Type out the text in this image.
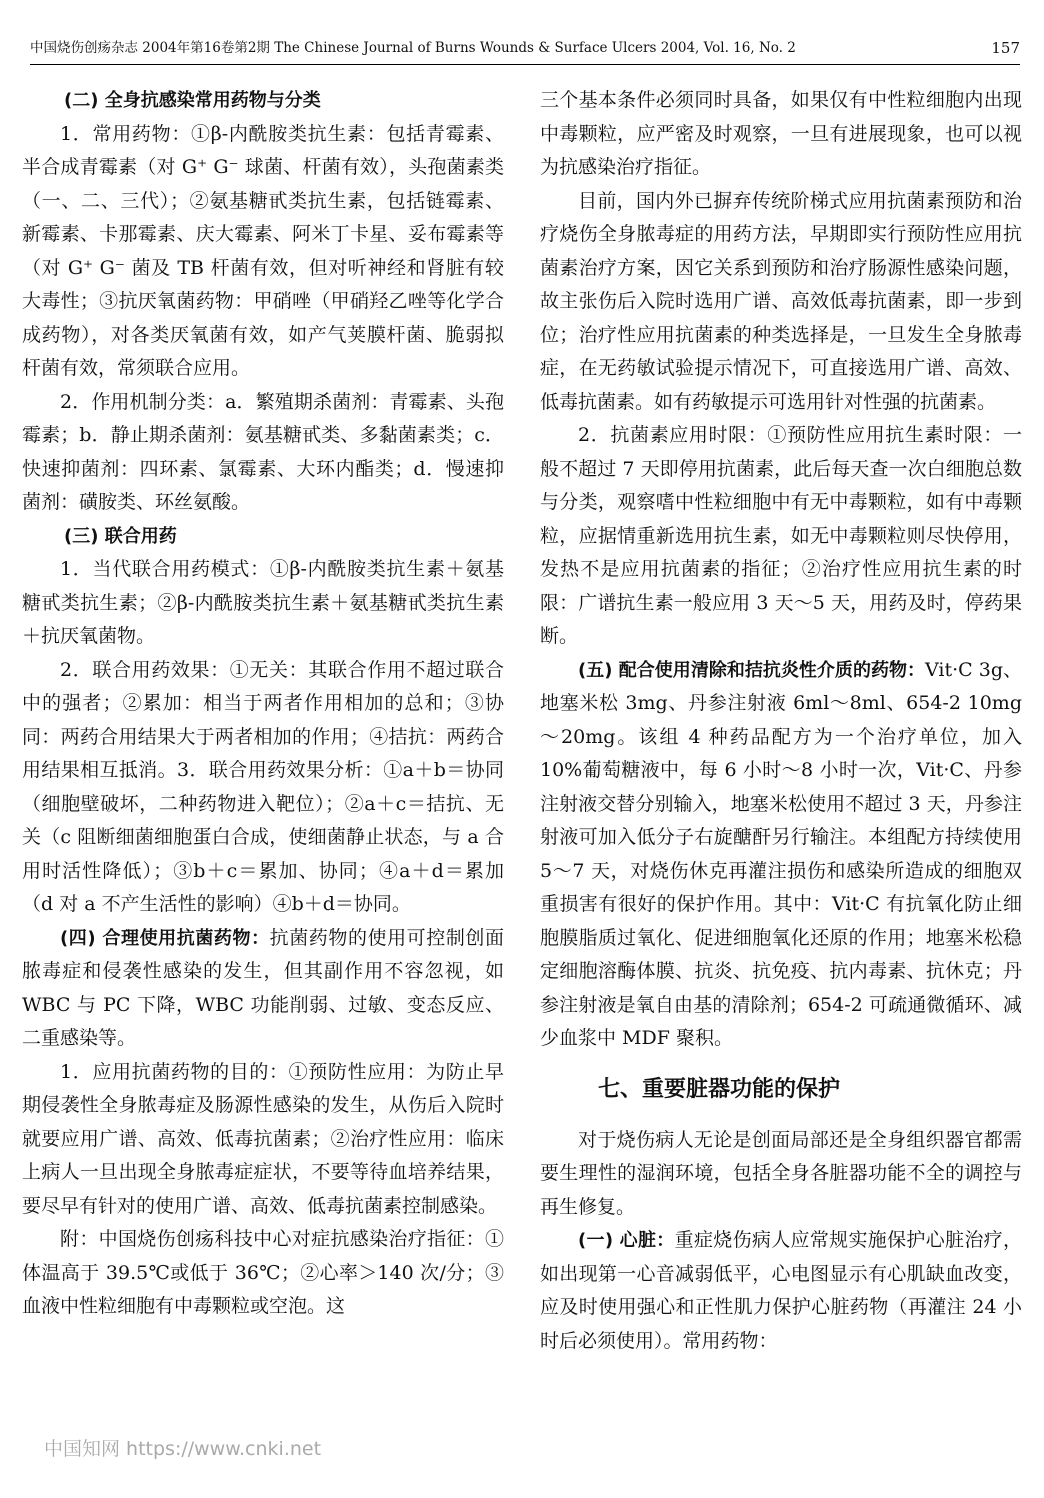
中国烧伤创疡杂志 2004年第16卷第2期 The Chinese Journal of Burns Wounds & Surface Ulcers 2004, Vol. 16, No. 2	157

(二) 全身抗感染常用药物与分类

1．常用药物：①β-内酰胺类抗生素：包括青霉素、半合成青霉素（对 G⁺ G⁻ 球菌、杆菌有效），头孢菌素类（一、二、三代）；②氨基糖甙类抗生素，包括链霉素、新霉素、卡那霉素、庆大霉素、阿米丁卡星、妥布霉素等（对 G⁺ G⁻ 菌及 TB 杆菌有效，但对听神经和肾脏有较大毒性；③抗厌氧菌药物：甲硝唑（甲硝羟乙唑等化学合成药物），对各类厌氧菌有效，如产气荚膜杆菌、脆弱拟杆菌有效，常须联合应用。

2．作用机制分类：a．繁殖期杀菌剂：青霉素、头孢霉素；b．静止期杀菌剂：氨基糖甙类、多黏菌素类；c．快速抑菌剂：四环素、氯霉素、大环内酯类；d．慢速抑菌剂：磺胺类、环丝氨酸。

(三) 联合用药

1．当代联合用药模式：①β-内酰胺类抗生素＋氨基糖甙类抗生素；②β-内酰胺类抗生素＋氨基糖甙类抗生素＋抗厌氧菌物。

2．联合用药效果：①无关：其联合作用不超过联合中的强者；②累加：相当于两者作用相加的总和；③协同：两药合用结果大于两者相加的作用；④拮抗：两药合用结果相互抵消。3．联合用药效果分析：①a＋b＝协同（细胞壁破坏，二种药物进入靶位）；②a＋c＝拮抗、无关（c 阻断细菌细胞蛋白合成，使细菌静止状态，与 a 合用时活性降低）；③b＋c＝累加、协同；④a＋d＝累加（d 对 a 不产生活性的影响）④b＋d＝协同。

(四) 合理使用抗菌药物：抗菌药物的使用可控制创面脓毒症和侵袭性感染的发生，但其副作用不容忽视，如 WBC 与 PC 下降，WBC 功能削弱、过敏、变态反应、二重感染等。

1．应用抗菌药物的目的：①预防性应用：为防止早期侵袭性全身脓毒症及肠源性感染的发生，从伤后入院时就要应用广谱、高效、低毒抗菌素；②治疗性应用：临床上病人一旦出现全身脓毒症症状，不要等待血培养结果，要尽早有针对的使用广谱、高效、低毒抗菌素控制感染。

附：中国烧伤创疡科技中心对症抗感染治疗指征：①体温高于 39.5℃或低于 36℃；②心率＞140 次/分；③血液中性粒细胞有中毒颗粒或空泡。这

三个基本条件必须同时具备，如果仅有中性粒细胞内出现中毒颗粒，应严密及时观察，一旦有进展现象，也可以视为抗感染治疗指征。

目前，国内外已摒弃传统阶梯式应用抗菌素预防和治疗烧伤全身脓毒症的用药方法，早期即实行预防性应用抗菌素治疗方案，因它关系到预防和治疗肠源性感染问题，故主张伤后入院时选用广谱、高效低毒抗菌素，即一步到位；治疗性应用抗菌素的种类选择是，一旦发生全身脓毒症，在无药敏试验提示情况下，可直接选用广谱、高效、低毒抗菌素。如有药敏提示可选用针对性强的抗菌素。

2．抗菌素应用时限：①预防性应用抗生素时限：一般不超过 7 天即停用抗菌素，此后每天查一次白细胞总数与分类，观察嗜中性粒细胞中有无中毒颗粒，如有中毒颗粒，应据情重新选用抗生素，如无中毒颗粒则尽快停用，发热不是应用抗菌素的指征；②治疗性应用抗生素的时限：广谱抗生素一般应用 3 天～5 天，用药及时，停药果断。

(五) 配合使用清除和拮抗炎性介质的药物：Vit·C 3g、地塞米松 3mg、丹参注射液 6ml～8ml、654-2 10mg～20mg。该组 4 种药品配方为一个治疗单位，加入 10%葡萄糖液中，每 6 小时～8 小时一次，Vit·C、丹参注射液交替分别输入，地塞米松使用不超过 3 天，丹参注射液可加入低分子右旋醣酐另行输注。本组配方持续使用 5～7 天，对烧伤休克再灌注损伤和感染所造成的细胞双重损害有很好的保护作用。其中：Vit·C 有抗氧化防止细胞膜脂质过氧化、促进细胞氧化还原的作用；地塞米松稳定细胞溶酶体膜、抗炎、抗免疫、抗内毒素、抗休克；丹参注射液是氧自由基的清除剂；654-2 可疏通微循环、减少血浆中 MDF 聚积。

七、重要脏器功能的保护

对于烧伤病人无论是创面局部还是全身组织器官都需要生理性的湿润环境，包括全身各脏器功能不全的调控与再生修复。

(一) 心脏：重症烧伤病人应常规实施保护心脏治疗，如出现第一心音减弱低平，心电图显示有心肌缺血改变，应及时使用强心和正性肌力保护心脏药物（再灌注 24 小时后必须使用）。常用药物：

中国知网 https://www.cnki.net
